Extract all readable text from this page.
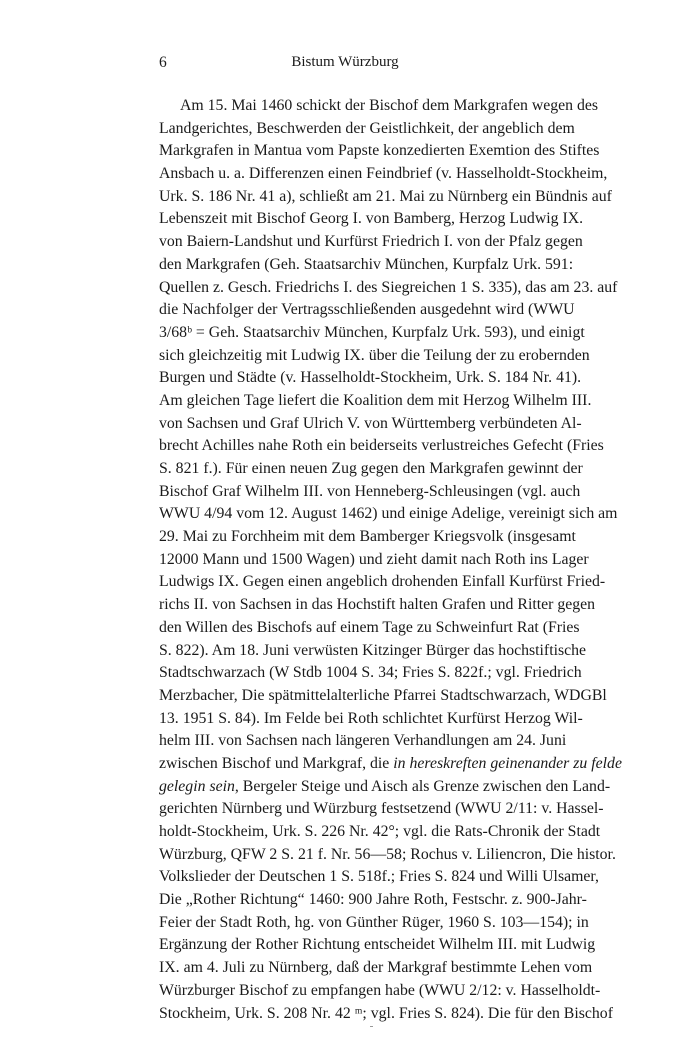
6	Bistum Würzburg
Am 15. Mai 1460 schickt der Bischof dem Markgrafen wegen des
Landgerichtes, Beschwerden der Geistlichkeit, der angeblich dem
Markgrafen in Mantua vom Papste konzedierten Exemtion des Stiftes
Ansbach u. a. Differenzen einen Feindbrief (v. Hasselholdt-Stockheim,
Urk. S. 186 Nr. 41 a), schließt am 21. Mai zu Nürnberg ein Bündnis auf
Lebenszeit mit Bischof Georg I. von Bamberg, Herzog Ludwig IX.
von Baiern-Landshut und Kurfürst Friedrich I. von der Pfalz gegen
den Markgrafen (Geh. Staatsarchiv München, Kurpfalz Urk. 591:
Quellen z. Gesch. Friedrichs I. des Siegreichen 1 S. 335), das am 23. auf
die Nachfolger der Vertragsschließenden ausgedehnt wird (WWU
3/68ᵇ = Geh. Staatsarchiv München, Kurpfalz Urk. 593), und einigt
sich gleichzeitig mit Ludwig IX. über die Teilung der zu erobernden
Burgen und Städte (v. Hasselholdt-Stockheim, Urk. S. 184 Nr. 41).
Am gleichen Tage liefert die Koalition dem mit Herzog Wilhelm III.
von Sachsen und Graf Ulrich V. von Württemberg verbündeten Al-
brecht Achilles nahe Roth ein beiderseits verlustreiches Gefecht (Fries
S. 821 f.). Für einen neuen Zug gegen den Markgrafen gewinnt der
Bischof Graf Wilhelm III. von Henneberg-Schleusingen (vgl. auch
WWU 4/94 vom 12. August 1462) und einige Adelige, vereinigt sich am
29. Mai zu Forchheim mit dem Bamberger Kriegsvolk (insgesamt
12000 Mann und 1500 Wagen) und zieht damit nach Roth ins Lager
Ludwigs IX. Gegen einen angeblich drohenden Einfall Kurfürst Fried-
richs II. von Sachsen in das Hochstift halten Grafen und Ritter gegen
den Willen des Bischofs auf einem Tage zu Schweinfurt Rat (Fries
S. 822). Am 18. Juni verwüsten Kitzinger Bürger das hochstiftische
Stadtschwarzach (W Stdb 1004 S. 34; Fries S. 822f.; vgl. Friedrich
Merzbacher, Die spätmittelalterliche Pfarrei Stadtschwarzach, WDGBl
13. 1951 S. 84). Im Felde bei Roth schlichtet Kurfürst Herzog Wil-
helm III. von Sachsen nach längeren Verhandlungen am 24. Juni
zwischen Bischof und Markgraf, die in hereskreften geinenander zu felde
gelegin sein, Bergeler Steige und Aisch als Grenze zwischen den Land-
gerichten Nürnberg und Würzburg festsetzend (WWU 2/11: v. Hassel-
holdt-Stockheim, Urk. S. 226 Nr. 42°; vgl. die Rats-Chronik der Stadt
Würzburg, QFW 2 S. 21 f. Nr. 56—58; Rochus v. Liliencron, Die histor.
Volkslieder der Deutschen 1 S. 518f.; Fries S. 824 und Willi Ulsamer,
Die „Rother Richtung“ 1460: 900 Jahre Roth, Festschr. z. 900-Jahr-
Feier der Stadt Roth, hg. von Günther Rüger, 1960 S. 103—154); in
Ergänzung der Rother Richtung entscheidet Wilhelm III. mit Ludwig
IX. am 4. Juli zu Nürnberg, daß der Markgraf bestimmte Lehen vom
Würzburger Bischof zu empfangen habe (WWU 2/12: v. Hasselholdt-
Stockheim, Urk. S. 208 Nr. 42 ᵐ; vgl. Fries S. 824). Die für den Bischof
